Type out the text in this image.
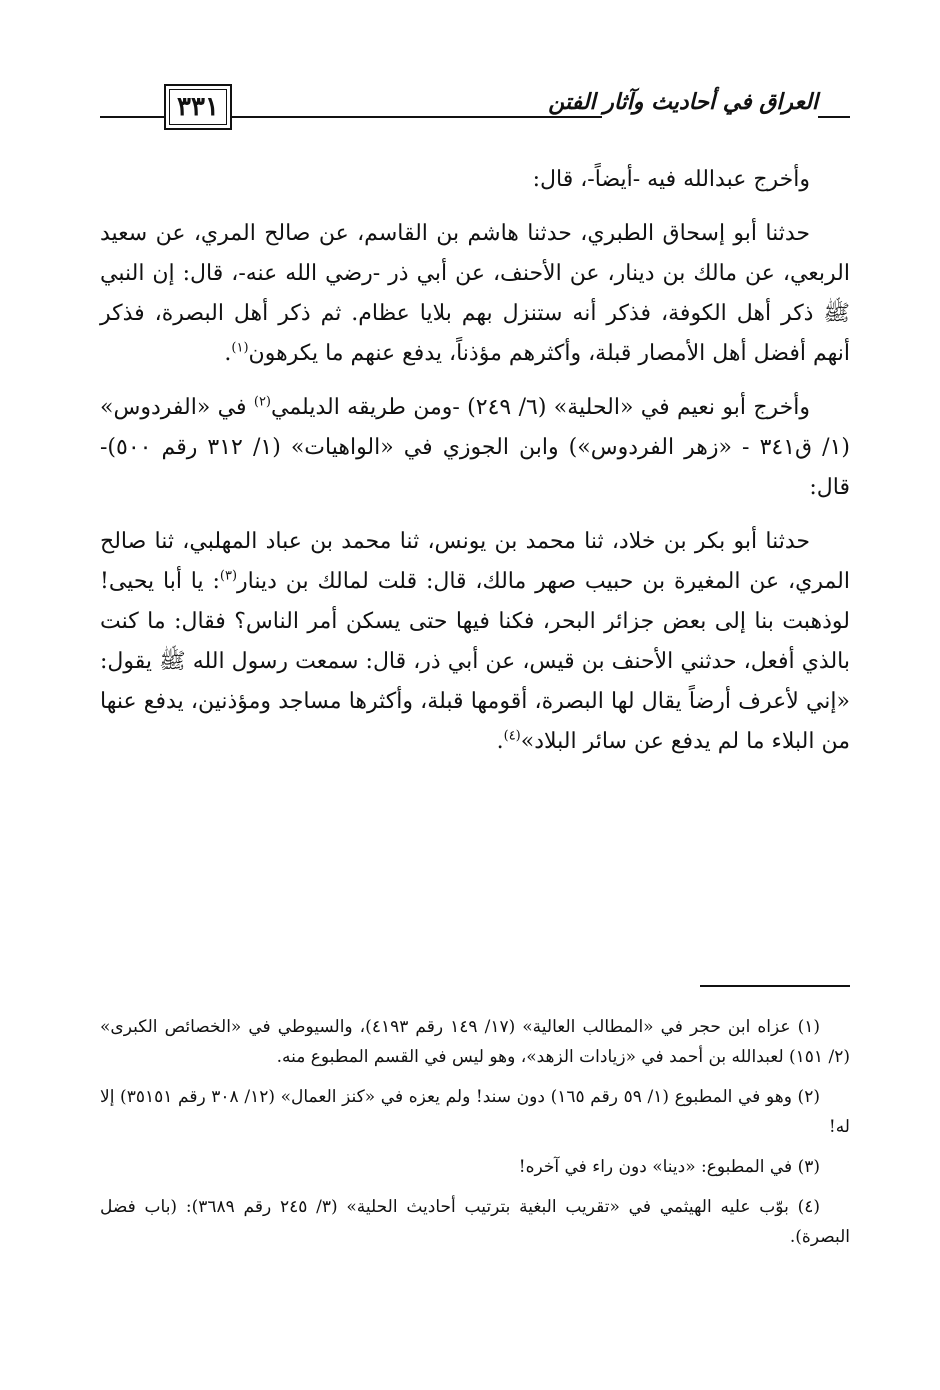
٣٣١	العراق في أحاديث وآثار الفتن

وأخرج عبدالله فيه -أيضاً-، قال:

حدثنا أبو إسحاق الطبري، حدثنا هاشم بن القاسم، عن صالح المري، عن سعيد الربعي، عن مالك بن دينار، عن الأحنف، عن أبي ذر -رضي الله عنه-، قال: إن النبي ﷺ ذكر أهل الكوفة، فذكر أنه ستنزل بهم بلايا عظام. ثم ذكر أهل البصرة، فذكر أنهم أفضل أهل الأمصار قبلة، وأكثرهم مؤذناً، يدفع عنهم ما يكرهون$^{(١)}$.

وأخرج أبو نعيم في «الحلية» (٦/ ٢٤٩) -ومن طريقه الديلمي$^{(٢)}$ في «الفردوس» (١/ ق٣٤١ - «زهر الفردوس») وابن الجوزي في «الواهيات» (١/ ٣١٢ رقم ٥٠٠)- قال:

حدثنا أبو بكر بن خلاد، ثنا محمد بن يونس، ثنا محمد بن عباد المهلبي، ثنا صالح المري، عن المغيرة بن حبيب صهر مالك، قال: قلت لمالك بن دينار$^{(٣)}$: يا أبا يحيى! لوذهبت بنا إلى بعض جزائر البحر، فكنا فيها حتى يسكن أمر الناس؟ فقال: ما كنت بالذي أفعل، حدثني الأحنف بن قيس، عن أبي ذر، قال: سمعت رسول الله ﷺ يقول: «إني لأعرف أرضاً يقال لها البصرة، أقومها قبلة، وأكثرها مساجد ومؤذنين، يدفع عنها من البلاء ما لم يدفع عن سائر البلاد»$^{(٤)}$.

(١) عزاه ابن حجر في «المطالب العالية» (١٧/ ١٤٩ رقم ٤١٩٣)، والسيوطي في «الخصائص الكبرى» (٢/ ١٥١) لعبدالله بن أحمد في «زيادات الزهد»، وهو ليس في القسم المطبوع منه.

(٢) وهو في المطبوع (١/ ٥٩ رقم ١٦٥) دون سند! ولم يعزه في «كنز العمال» (١٢/ ٣٠٨ رقم ٣٥١٥١) إلا له!

(٣) في المطبوع: «دينا» دون راء في آخره!

(٤) بوّب عليه الهيثمي في «تقريب البغية بترتيب أحاديث الحلية» (٣/ ٢٤٥ رقم ٣٦٨٩): (باب فضل البصرة).
